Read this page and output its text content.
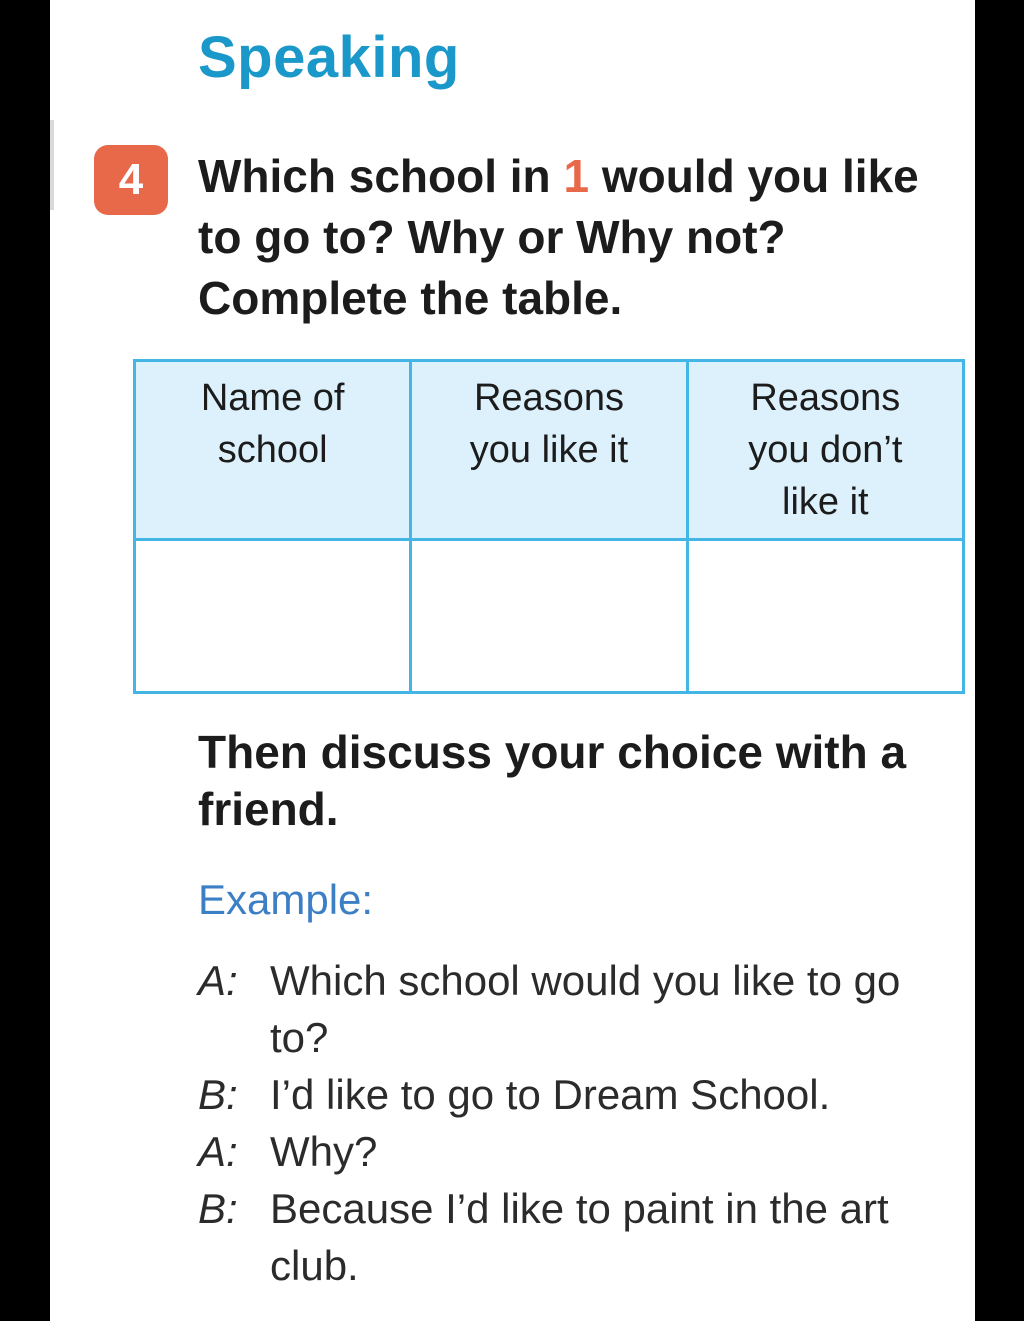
Speaking
4	Which school in 1 would you like to go to? Why or Why not? Complete the table.

Name of school	Reasons you like it	Reasons you don’t like it

Then discuss your choice with a friend.

Example:

A: Which school would you like to go to?
B: I’d like to go to Dream School.
A: Why?
B: Because I’d like to paint in the art club.
